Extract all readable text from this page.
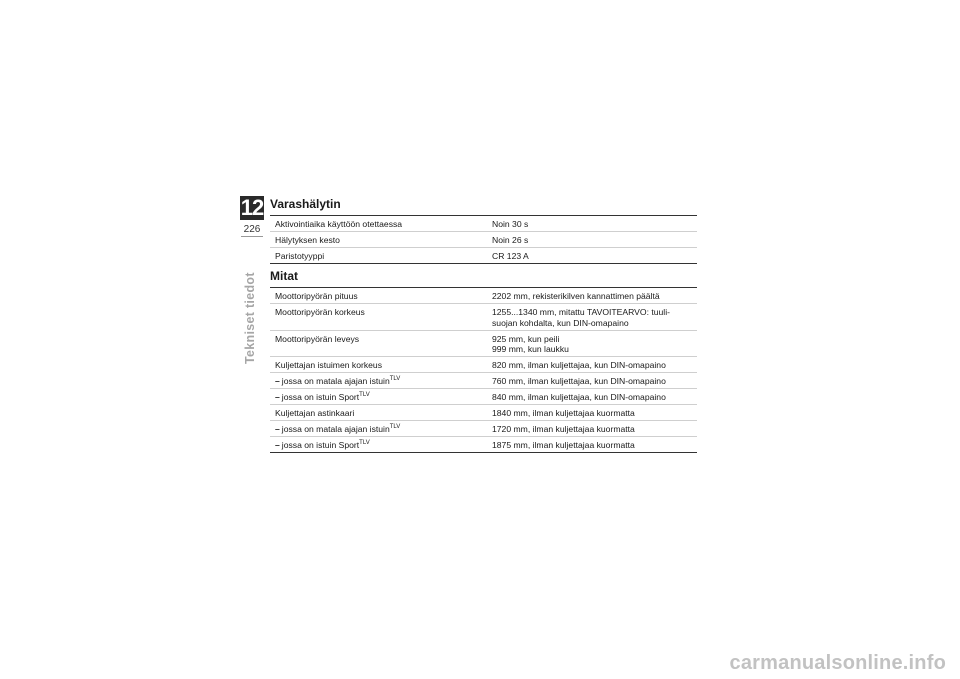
12
226
Tekniset tiedot
Varashälytin
Aktivointiaika käyttöön otettaessa	Noin 30 s
Hälytyksen kesto	Noin 26 s
Paristotyyppi	CR 123 A
Mitat
Moottoripyörän pituus	2202 mm, rekisterikilven kannattimen päältä
Moottoripyörän korkeus	1255...1340 mm, mitattu TAVOITEARVO: tuuli-
suojan kohdalta, kun DIN-omapaino
Moottoripyörän leveys	925 mm, kun peili
999 mm, kun laukku
Kuljettajan istuimen korkeus	820 mm, ilman kuljettajaa, kun DIN-omapaino
– jossa on matala ajajan istuin$^{TLV}$	760 mm, ilman kuljettajaa, kun DIN-omapaino
– jossa on istuin Sport$^{TLV}$	840 mm, ilman kuljettajaa, kun DIN-omapaino
Kuljettajan astinkaari	1840 mm, ilman kuljettajaa kuormatta
– jossa on matala ajajan istuin$^{TLV}$	1720 mm, ilman kuljettajaa kuormatta
– jossa on istuin Sport$^{TLV}$	1875 mm, ilman kuljettajaa kuormatta
carmanualsonline.info
